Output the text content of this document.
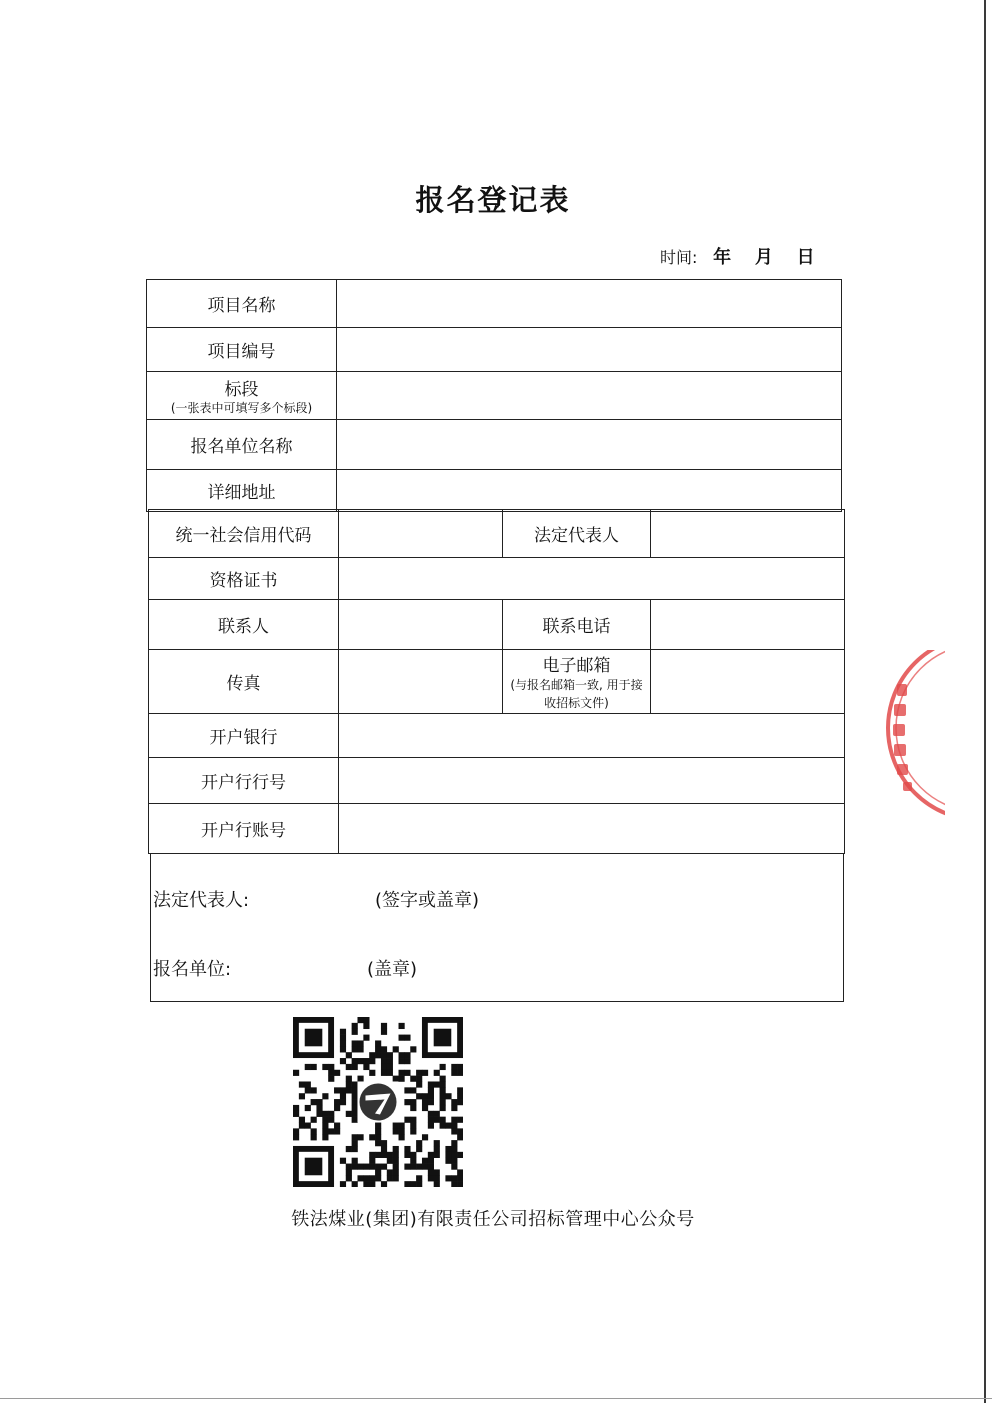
报名登记表
时间: 年 月 日
项目名称	
项目编号	
标段
(一张表中可填写多个标段)	

报名单位名称	
详细地址	
统一社会信用代码		法定代表人	
资格证书			
联系人		联系电话	
传真		电子邮箱
(与报名邮箱一致, 用于接收招标文件)	

开户银行			
开户行行号			
开户行账号			
法定代表人:	(签字或盖章)
报名单位:	(盖章)
铁法煤业(集团)有限责任公司招标管理中心公众号
